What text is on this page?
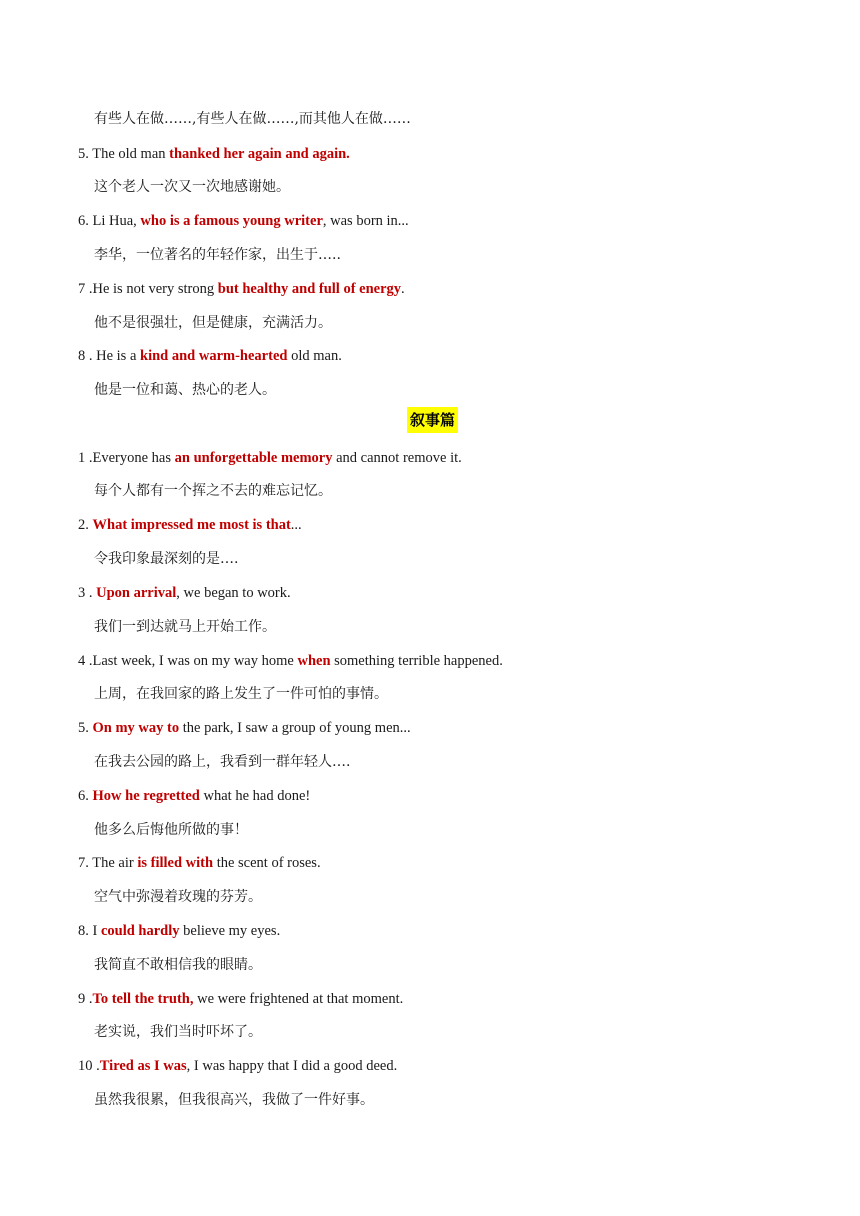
有些人在做……,有些人在做……,而其他人在做……
5. The old man thanked her again and again.
这个老人一次又一次地感谢她。
6. Li Hua, who is a famous young writer, was born in...
李华，一位著名的年轻作家，出生于…..
7 .He is not very strong but healthy and full of energy.
他不是很强壮，但是健康，充满活力。
8 . He is a kind and warm-hearted old man.
他是一位和蔼、热心的老人。
叙事篇
1 .Everyone has an unforgettable memory and cannot remove it.
每个人都有一个挥之不去的难忘记忆。
2. What impressed me most is that...
令我印象最深刻的是….
3 . Upon arrival, we began to work.
我们一到达就马上开始工作。
4 .Last week, I was on my way home when something terrible happened.
上周，在我回家的路上发生了一件可怕的事情。
5. On my way to the park, I saw a group of young men...
在我去公园的路上，我看到一群年轻人….
6. How he regretted what he had done!
他多么后悔他所做的事！
7. The air is filled with the scent of roses.
空气中弥漫着玫瑰的芬芳。
8. I could hardly believe my eyes.
我简直不敢相信我的眼睛。
9 .To tell the truth, we were frightened at that moment.
老实说，我们当时吓坏了。
10 .Tired as I was, I was happy that I did a good deed.
虽然我很累，但我很高兴，我做了一件好事。
